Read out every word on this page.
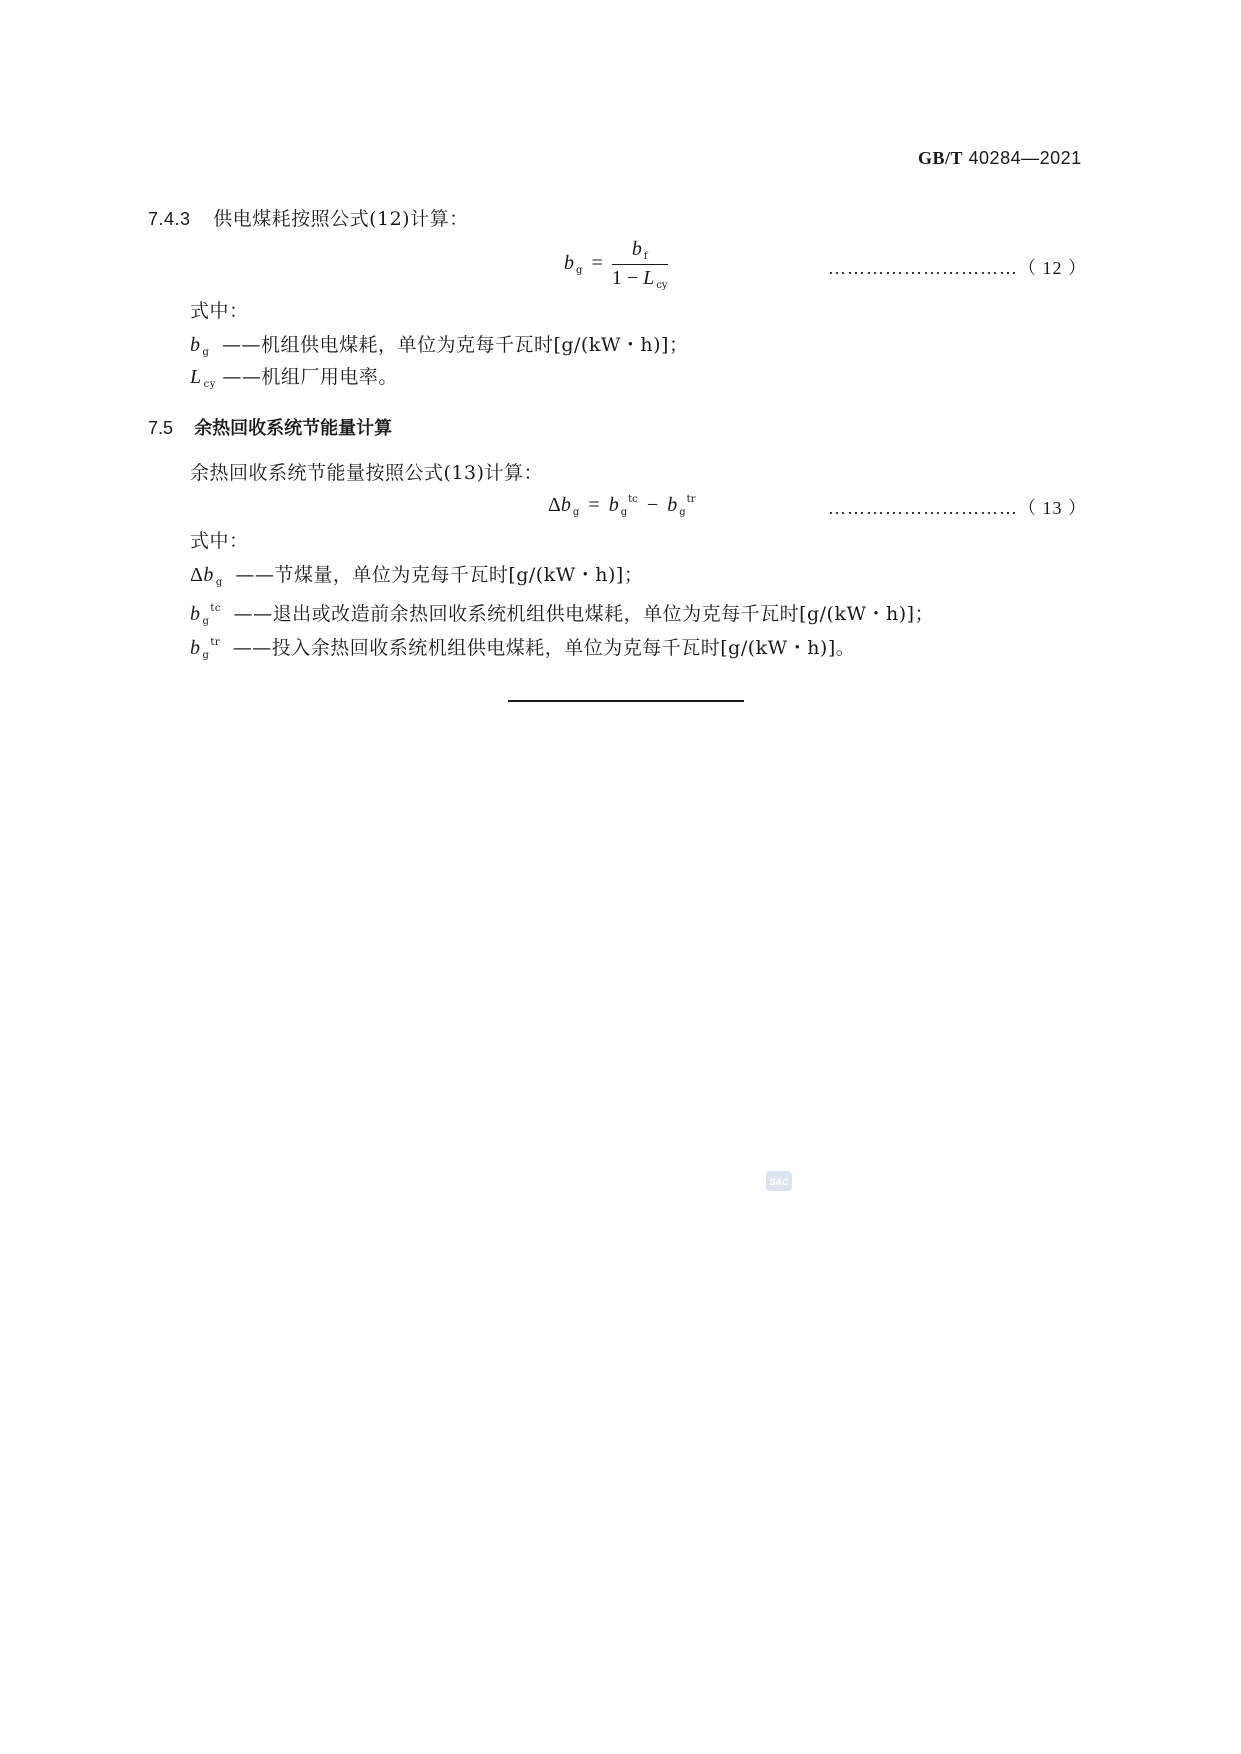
GB/T 40284—2021
7.4.3 供电煤耗按照公式(12)计算：
b $_g = \frac{b _f}{1 - L _{cy}}$	…………………………（ 12 ）
式中：
b $_g$ ——机组供电煤耗，单位为克每千瓦时[g/(kW・h)]；
L $_{cy}$ ——机组厂用电率。
7.5 余热回收系统节能量计算
余热回收系统节能量按照公式(13)计算：
Δb $_g$ = b $_g^{tc}$ − b $_g^{tr}$	…………………………（ 13 ）
式中：
Δb $_g$ ——节煤量，单位为克每千瓦时[g/(kW・h)]；
b $_g^{tc}$ ——退出或改造前余热回收系统机组供电煤耗，单位为克每千瓦时[g/(kW・h)]；
b $_g^{tr}$ ——投入余热回收系统机组供电煤耗，单位为克每千瓦时[g/(kW・h)]。
SAC
